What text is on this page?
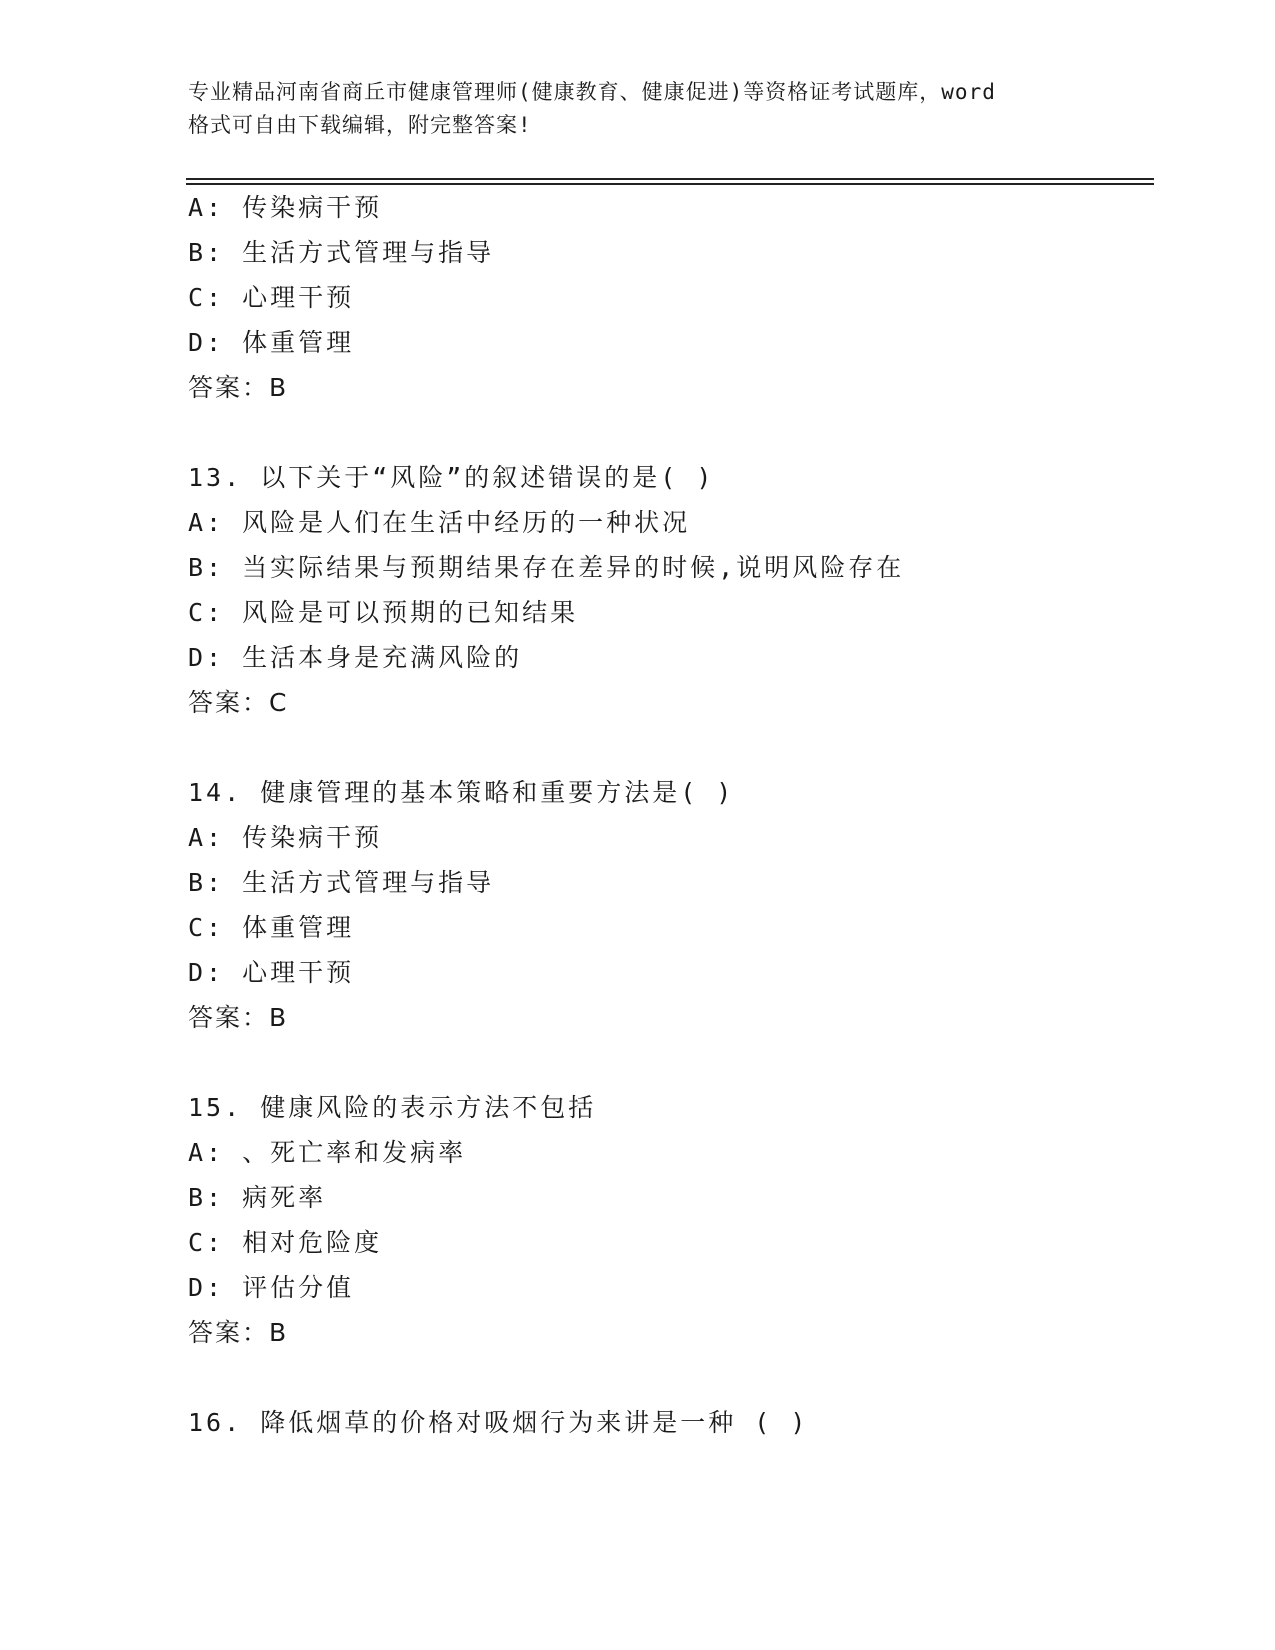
专业精品河南省商丘市健康管理师(健康教育、健康促进)等资格证考试题库，word
格式可自由下载编辑，附完整答案!
A: 传染病干预
B: 生活方式管理与指导
C: 心理干预
D: 体重管理
答案：B
13. 以下关于“风险”的叙述错误的是( )
A: 风险是人们在生活中经历的一种状况
B: 当实际结果与预期结果存在差异的时候,说明风险存在
C: 风险是可以预期的已知结果
D: 生活本身是充满风险的
答案：C
14. 健康管理的基本策略和重要方法是( )
A: 传染病干预
B: 生活方式管理与指导
C: 体重管理
D: 心理干预
答案：B
15. 健康风险的表示方法不包括
A: 、死亡率和发病率
B: 病死率
C: 相对危险度
D: 评估分值
答案：B
16. 降低烟草的价格对吸烟行为来讲是一种 ( )
